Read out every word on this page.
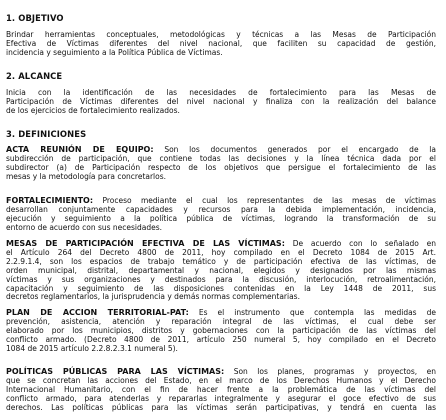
1. OBJETIVO
Brindar herramientas conceptuales, metodológicas y técnicas a las Mesas de Participación
Efectiva de Víctimas diferentes del nivel nacional, que faciliten su capacidad de gestión,
incidencia y seguimiento a la Política Pública de Víctimas.
2. ALCANCE
Inicia con la identificación de las necesidades de fortalecimiento para las Mesas de
Participación de Víctimas diferentes del nivel nacional y finaliza con la realización del balance
de los ejercicios de fortalecimiento realizados.
3. DEFINICIONES
ACTA REUNIÓN DE EQUIPO: Son los documentos generados por el encargado de la
subdirección de participación, que contiene todas las decisiones y la línea técnica dada por el
subdirector (a) de Participación respecto de los objetivos que persigue el fortalecimiento de las
mesas y la metodología para concretarlos.
FORTALECIMIENTO: Proceso mediante el cual los representantes de las mesas de víctimas
desarrollan conjuntamente capacidades y recursos para la debida implementación, incidencia,
ejecución y seguimiento a la política pública de víctimas, logrando la transformación de su
entorno de acuerdo con sus necesidades.
MESAS DE PARTICIPACIÓN EFECTIVA DE LAS VÍCTIMAS: De acuerdo con lo señalado en
el Artículo 264 del Decreto 4800 de 2011, hoy compilado en el Decreto 1084 de 2015 Art.
2.2.9.1.4, son los espacios de trabajo temático y de participación efectiva de las víctimas, de
orden municipal, distrital, departamental y nacional, elegidos y designados por las mismas
víctimas y sus organizaciones y destinados para la discusión, interlocución, retroalimentación,
capacitación y seguimiento de las disposiciones contenidas en la Ley 1448 de 2011, sus
decretos reglamentarios, la jurisprudencia y demás normas complementarias.
PLAN DE ACCION TERRITORIAL-PAT: Es el instrumento que contempla las medidas de
prevención, asistencia, atención y reparación integral de las víctimas, el cual debe ser
elaborado por los municipios, distritos y gobernaciones con la participación de las víctimas del
conflicto armado. (Decreto 4800 de 2011, artículo 250 numeral 5, hoy compilado en el Decreto
1084 de 2015 artículo 2.2.8.2.3.1 numeral 5).
POLÍTICAS PÚBLICAS PARA LAS VÍCTIMAS: Son los planes, programas y proyectos, en
que se concretan las acciones del Estado, en el marco de los Derechos Humanos y el Derecho
Internacional Humanitario, con el fin de hacer frente a la problemática de las víctimas del
conflicto armado, para atenderlas y repararlas integralmente y asegurar el goce efectivo de sus
derechos. Las políticas públicas para las víctimas serán participativas, y tendrá en cuenta las
